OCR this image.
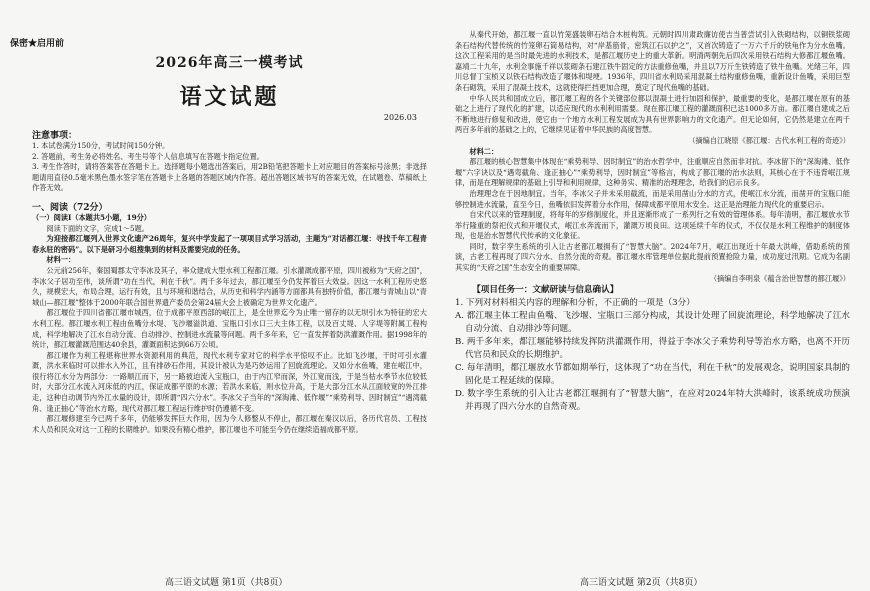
保密★启用前
2026年高三一模考试
语文试题
2026.03
注意事项：

1. 本试卷满分150分，考试时间150分钟。

2. 答题前，考生务必将姓名、考生号等个人信息填写在答题卡指定位置。

3. 考生作答时，请将答案答在答题卡上。选择题每小题选出答案后，用2B铅笔把答题卡上对应题目的答案标号涂黑；非选择题请用直径0.5毫米黑色墨水签字笔在答题卡上各题的答题区域内作答。超出答题区域书写的答案无效，在试题卷、草稿纸上作答无效。

一、阅读（72分）

（一）阅读Ⅰ（本题共5小题，19分）

阅读下面的文字，完成1～5题。

为迎接都江堰列入世界文化遗产26周年，复兴中学发起了一项项目式学习活动，主题为“对话都江堰：寻找千年工程青春永驻的密码”。以下是研习小组搜集到的材料及需要完成的任务。

材料一：

公元前256年，秦国蜀郡太守李冰及其子，率众建成大型水利工程都江堰。引水灌溉成都平原，四川被称为“天府之国”，李冰父子居功至伟，谈所谓“功在当代，利在千秋”。两千多年过去，都江堰至今仍发挥着巨大效益。因这一水利工程历史悠久，规模宏大，布局合理，运行有效，且与环境和谐结合，从历史和科学内涵等方面都具有独特价值，都江堰与青城山以“青城山—都江堰”整体于2000年联合国世界遗产委员会第24届大会上被确定为世界文化遗产。

都江堰位于四川省都江堰市城西，位于成都平原西部的岷江上，是全世界迄今为止唯一留存的以无坝引水为特征的宏大水利工程。都江堰水利工程由鱼嘴分水堤、飞沙堰溢洪道、宝瓶口引水口三大主体工程，以及百丈堤、人字堤等附属工程构成，科学地解决了江水自动分流、自动排沙、控制进水流量等问题。两千多年来，它一直发挥着防洪灌溉作用。据1998年的统计，都江堰灌溉范围达40余县，灌溉面积达到66万公顷。

都江堰作为利工程堪称世界水资源利用的典范，现代水利专家对它的科学水平惊叹不止。比如飞沙堰，干时可引水灌溉，洪水来临时可以排水入外江，且有排砂石作用，其设计被认为是巧妙运用了回旋流理论。又如分水鱼嘴，建在岷江中，很行将江水分为两部分：一路顺江而下，另一路被迫流入宝瓶口，由于内江窄而深，外江宽而浅，于是当枯水季节水位较低时，大部分江水流入河床低的内江，保证成都平原的水源；若洪水来临，则水位升高，于是大部分江水从江面较宽的外江排走，这种自动调节内外江水量的设计，即所谓“四六分水”。李冰父子当年的“深淘滩、低作堰”“乘势利导、因时制宜”“遇湾截角、逢正抽心”等治水方略，现代对都江堰工程运行维护时仍遵循不变。

都江堰修建至今已两千多年，仍能够发挥巨大作用，因为今人修整从不停止，都江堰在秦汉以后，各历代官员、工程技术人员和民众对这一工程的长期维护。如果没有精心维护，都江堰也不可能至今仍在继续造福成都平原。

从秦代开始，都江堰一直以竹笼盛装卵石结合木桩构筑。元朝时四川肃政廉访使吉当普尝试引入铁砌结构，以铜铁浆砌条石结构代替传统的竹笼卵石筒易结构，对“岸基筋骨，密筑江石以护之”，又首次铸造了一万六千斤的铁龟作为分水鱼嘴。这次工程采用的是当时最先进的水利技术，是都江堰历史上的重大革新。明清两朝先后四次采用铁石结构大修都江堰鱼嘴。嘉靖二十九年，水利佥事施千祥以浆砌条石建江铁牛固定的方法重修鱼嘴，并且以7万斤生铁铸造了铁牛鱼嘴。光绪三年，四川总督丁宝桢又以铁石结构改造了堰体和堤埂。1936年，四川省水利局采用混凝土结构重修鱼嘴，重新设计鱼嘴，采用巨型条石砌筑，采用了混凝土技术，这就使得拦挡更加合理，奠定了现代鱼嘴的基础。

中华人民共和国成立后，都江堰工程的各个关键部位都以混凝土进行加固和保护，最重要的变化，是都江堰在原有的基础之上进行了现代化的扩建，以适应现代的水利利用需要。现在都江堰工程的灌溉面积已达1000多万亩。都江堰自建成之后不断地进行修复和改进，使它由一个地方水利工程发展成为具有世界影响力的文化遗产。但无论如何，它仍然是建立在两千两百多年前的基础之上的，它继续见证着中华民族的高度智慧。

（摘编自江晓原《都江堰：古代水利工程的奇迹》）

材料二：

都江堰的核心智慧集中体现在“乘势利导、因时制宜”的治水哲学中，注重顺应自然而非对抗。李冰留下的“深淘滩、低作堰”六字诀以及“遇弯截角、逢正抽心”“乘势利导，因时制宜”等格言，构成了都江堰的治水法则，其核心在于不违背岷江规律，而是在理解规律的基础上引导和利用规律，这种务实、精准的治理理念，给我们的启示良多。

治理理念在于因地制宜。当年，李冰父子并未采用截流，而是采用凿山分水的方式，使岷江水分流，而凿开的宝瓶口能够控制进水流量，直至今日，鱼嘴依旧发挥着分水作用，保障成都平原用水安全。这正是治理能力现代化的重要启示。

自宋代以来的管理制度，将每年的岁修制度化，并且逐渐形成了一系列行之有效的管理体系。每年清明，都江堰放水节举行隆重的祭祀仪式和开堰仪式，岷江水奔流而下，灌溉万顷良田。这项延续千年的仪式，不仅仅是水利工程维护的制度体现，也是治水智慧代代传承的文化象征。

同时，数字孪生系统的引入让古老都江堰拥有了“智慧大脑”。2024年7月，岷江出现近十年最大洪峰，借助系统的预演，古老工程再现了四六分水、自然分流的奇观。都江堰水库管理单位据此提前预置抢险力量，成功度过汛期。它成为名副其实的“天府之国”生态安全的重要屏障。

（摘编自李明泉《蕴含治世智慧的都江堰》）

【项目任务一：文献研读与信息确认】

1. 下列对材料相关内容的理解和分析，不正确的一项是（3分）

A. 都江堰主体工程由鱼嘴、飞沙堰、宝瓶口三部分构成，其设计处理了回旋流理论，科学地解决了江水自动分流、自动排沙等问题。

B. 两千多年来，都江堰能够持续发挥防洪灌溉作用，得益于李冰父子乘势利导等治水方略，也离不开历代官员和民众的长期维护。

C. 每年清明，都江堰放水节都如期举行，这体现了“功在当代，利在千秋”的发展观念，说明国家具制的固化是工程延续的保障。

D. 数字孪生系统的引入让古老都江堰拥有了“智慧大脑”，在应对2024年特大洪峰时，该系统成功预演并再现了四六分水的自然奇观。

高三语文试题 第1页（共8页）	高三语文试题 第2页（共8页）
